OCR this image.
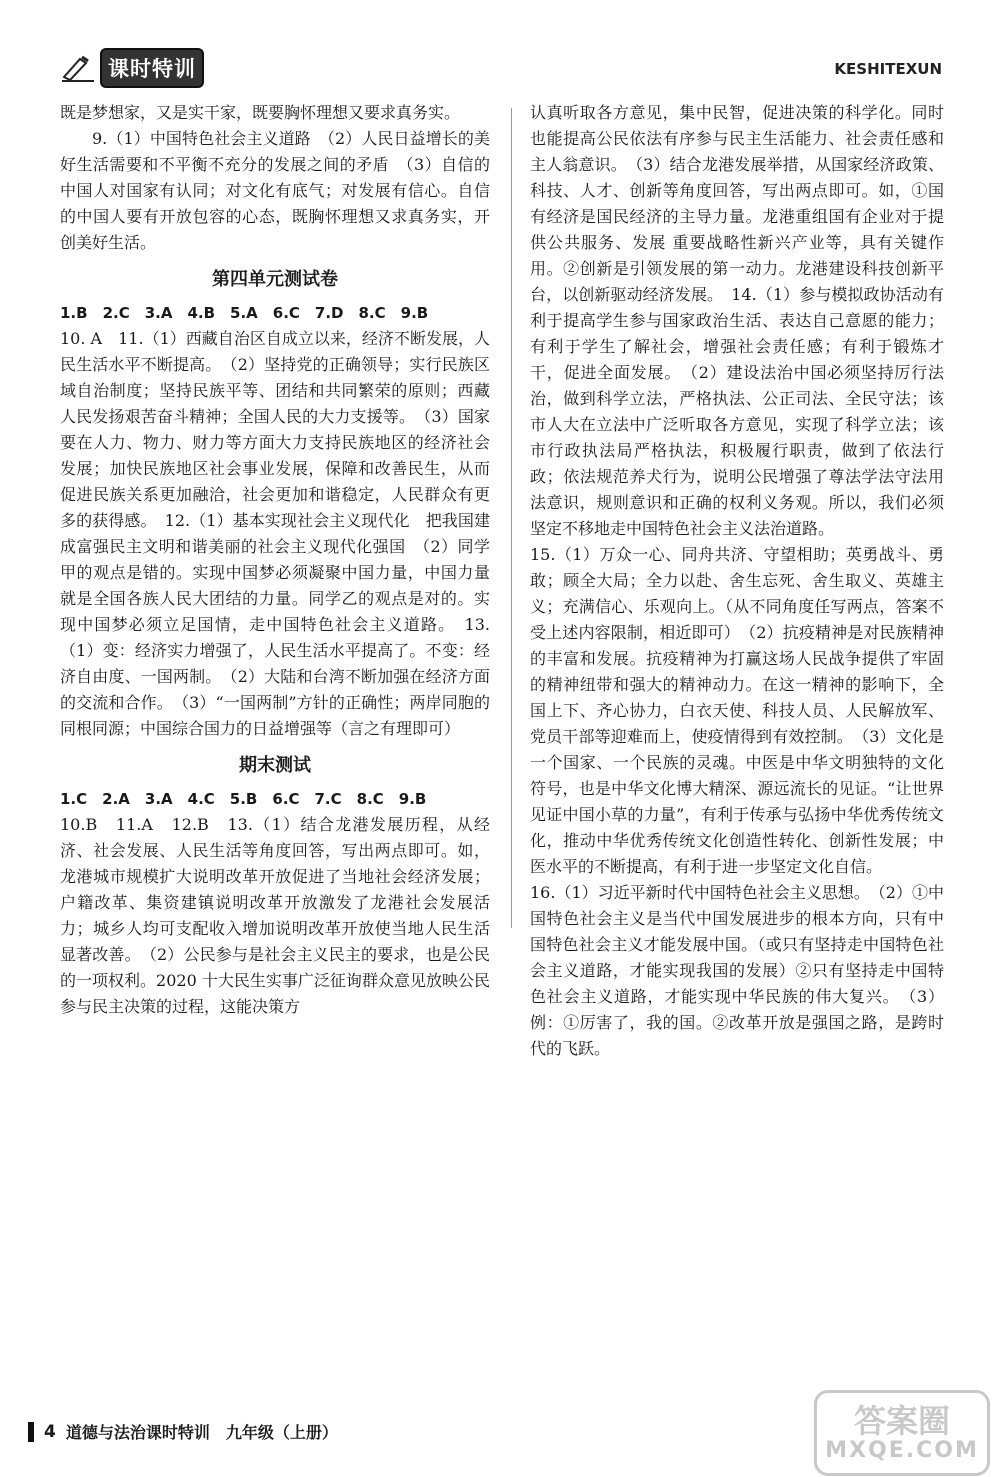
课时特训	KESHITEXUN

既是梦想家，又是实干家，既要胸怀理想又要求真务实。

9.（1）中国特色社会主义道路　（2）人民日益增长的美好生活需要和不平衡不充分的发展之间的矛盾　（3）自信的中国人对国家有认同；对文化有底气；对发展有信心。自信的中国人要有开放包容的心态，既胸怀理想又求真务实，开创美好生活。

第四单元测试卷

1.B　2.C　3.A　4.B　5.A　6.C　7.D　8.C　9.B

10. A　11.（1）西藏自治区自成立以来，经济不断发展，人民生活水平不断提高。　（2）坚持党的正确领导；实行民族区域自治制度；坚持民族平等、团结和共同繁荣的原则；西藏人民发扬艰苦奋斗精神；全国人民的大力支援等。　（3）国家要在人力、物力、财力等方面大力支持民族地区的经济社会发展；加快民族地区社会事业发展，保障和改善民生，从而促进民族关系更加融洽，社会更加和谐稳定，人民群众有更多的获得感。　12.（1）基本实现社会主义现代化　把我国建成富强民主文明和谐美丽的社会主义现代化强国　（2）同学甲的观点是错的。实现中国梦必须凝聚中国力量，中国力量就是全国各族人民大团结的力量。同学乙的观点是对的。实现中国梦必须立足国情，走中国特色社会主义道路。　13.（1）变：经济实力增强了，人民生活水平提高了。不变：经济自由度、一国两制。　（2）大陆和台湾不断加强在经济方面的交流和合作。　（3）“一国两制”方针的正确性；两岸同胞的同根同源；中国综合国力的日益增强等（言之有理即可）

期末测试

1.C　2.A　3.A　4.C　5.B　6.C　7.C　8.C　9.B

10.B　11.A　12.B　13.（1）结合龙港发展历程，从经济、社会发展、人民生活等角度回答，写出两点即可。如，龙港城市规模扩大说明改革开放促进了当地社会经济发展；户籍改革、集资建镇说明改革开放激发了龙港社会发展活力；城乡人均可支配收入增加说明改革开放使当地人民生活显著改善。　（2）公民参与是社会主义民主的要求，也是公民的一项权利。2020 十大民生实事广泛征询群众意见放映公民参与民主决策的过程，这能决策方

认真听取各方意见，集中民智，促进决策的科学化。同时也能提高公民依法有序参与民主生活能力、社会责任感和主人翁意识。　（3）结合龙港发展举措，从国家经济政策、科技、人才、创新等角度回答，写出两点即可。如，①国有经济是国民经济的主导力量。龙港重组国有企业对于提供公共服务、发展 重要战略性新兴产业等，具有关键作用。②创新是引领发展的第一动力。龙港建设科技创新平台，以创新驱动经济发展。　14.（1）参与模拟政协活动有利于提高学生参与国家政治生活、表达自己意愿的能力；有利于学生了解社会，增强社会责任感；有利于锻炼才干，促进全面发展。　（2）建设法治中国必须坚持厉行法治，做到科学立法，严格执法、公正司法、全民守法；该市人大在立法中广泛听取各方意见，实现了科学立法；该市行政执法局严格执法，积极履行职责，做到了依法行政；依法规范养犬行为，说明公民增强了尊法学法守法用法意识，规则意识和正确的权利义务观。所以，我们必须坚定不移地走中国特色社会主义法治道路。

15.（1）万众一心、同舟共济、守望相助；英勇战斗、勇敢；顾全大局；全力以赴、舍生忘死、舍生取义、英雄主义；充满信心、乐观向上。（从不同角度任写两点，答案不受上述内容限制，相近即可）　（2）抗疫精神是对民族精神的丰富和发展。抗疫精神为打赢这场人民战争提供了牢固的精神纽带和强大的精神动力。在这一精神的影响下，全国上下、齐心协力，白衣天使、科技人员、人民解放军、党员干部等迎难而上，使疫情得到有效控制。　（3）文化是一个国家、一个民族的灵魂。中医是中华文明独特的文化符号，也是中华文化博大精深、源远流长的见证。“让世界见证中国小草的力量”，有利于传承与弘扬中华优秀传统文化，推动中华优秀传统文化创造性转化、创新性发展；中医水平的不断提高，有利于进一步坚定文化自信。

16.（1）习近平新时代中国特色社会主义思想。　（2）①中国特色社会主义是当代中国发展进步的根本方向，只有中国特色社会主义才能发展中国。（或只有坚持走中国特色社会主义道路，才能实现我国的发展）②只有坚持走中国特色社会主义道路，才能实现中华民族的伟大复兴。　（3）例：①厉害了，我的国。②改革开放是强国之路，是跨时代的飞跃。

4 道德与法治课时特训　九年级（上册）	答案圈
MXQE.COM
